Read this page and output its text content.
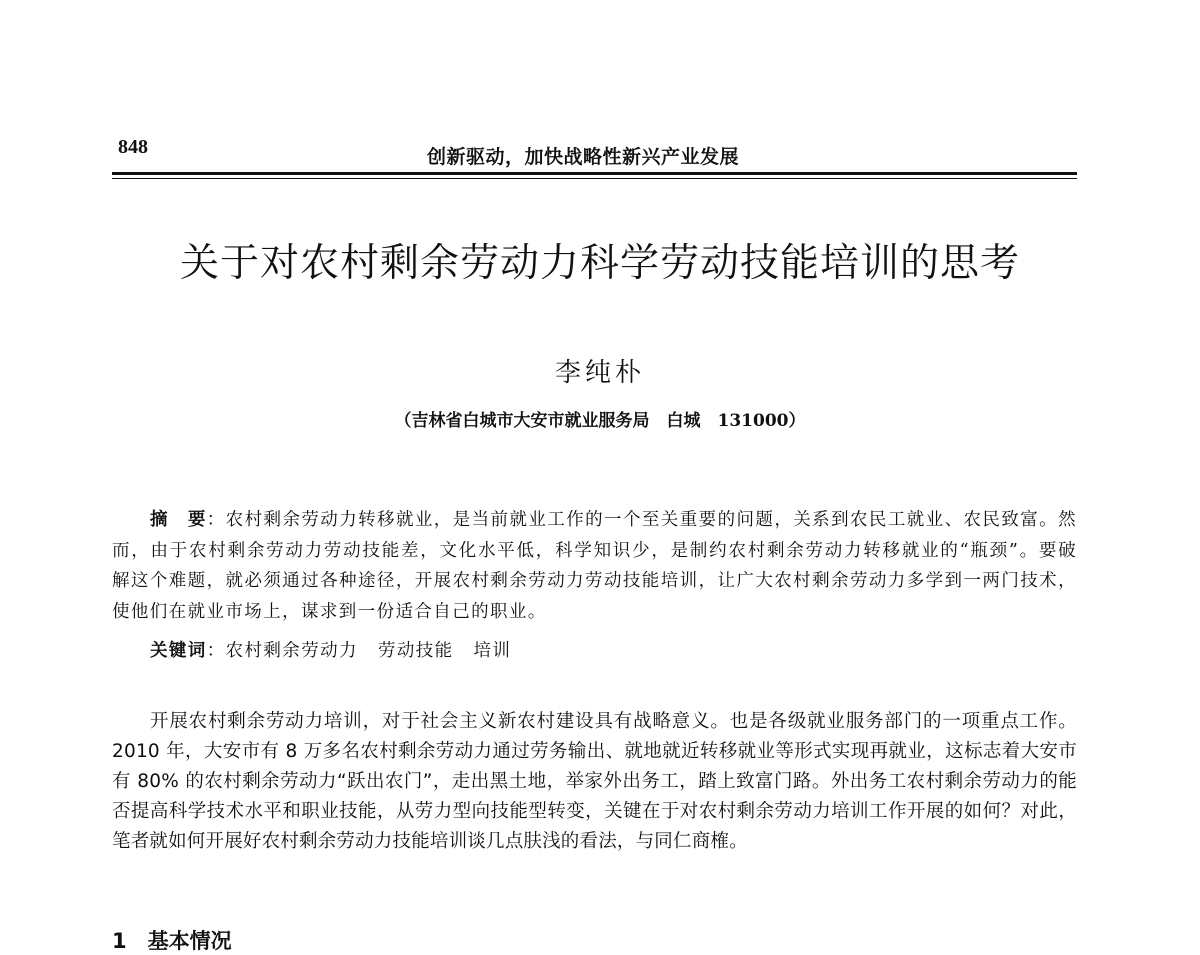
848	创新驱动，加快战略性新兴产业发展
关于对农村剩余劳动力科学劳动技能培训的思考
李纯朴
（吉林省白城市大安市就业服务局　白城　131000）
摘　要：农村剩余劳动力转移就业，是当前就业工作的一个至关重要的问题，关系到农民工就业、农民致富。然而，由于农村剩余劳动力劳动技能差，文化水平低，科学知识少，是制约农村剩余劳动力转移就业的“瓶颈”。要破解这个难题，就必须通过各种途径，开展农村剩余劳动力劳动技能培训，让广大农村剩余劳动力多学到一两门技术，使他们在就业市场上，谋求到一份适合自己的职业。
关键词：农村剩余劳动力 劳动技能 培训
开展农村剩余劳动力培训，对于社会主义新农村建设具有战略意义。也是各级就业服务部门的一项重点工作。2010 年，大安市有 8 万多名农村剩余劳动力通过劳务输出、就地就近转移就业等形式实现再就业，这标志着大安市有 80% 的农村剩余劳动力“跃出农门”，走出黑土地，举家外出务工，踏上致富门路。外出务工农村剩余劳动力的能否提高科学技术水平和职业技能，从劳力型向技能型转变，关键在于对农村剩余劳动力培训工作开展的如何？对此，笔者就如何开展好农村剩余劳动力技能培训谈几点肤浅的看法，与同仁商榷。
1　基本情况
